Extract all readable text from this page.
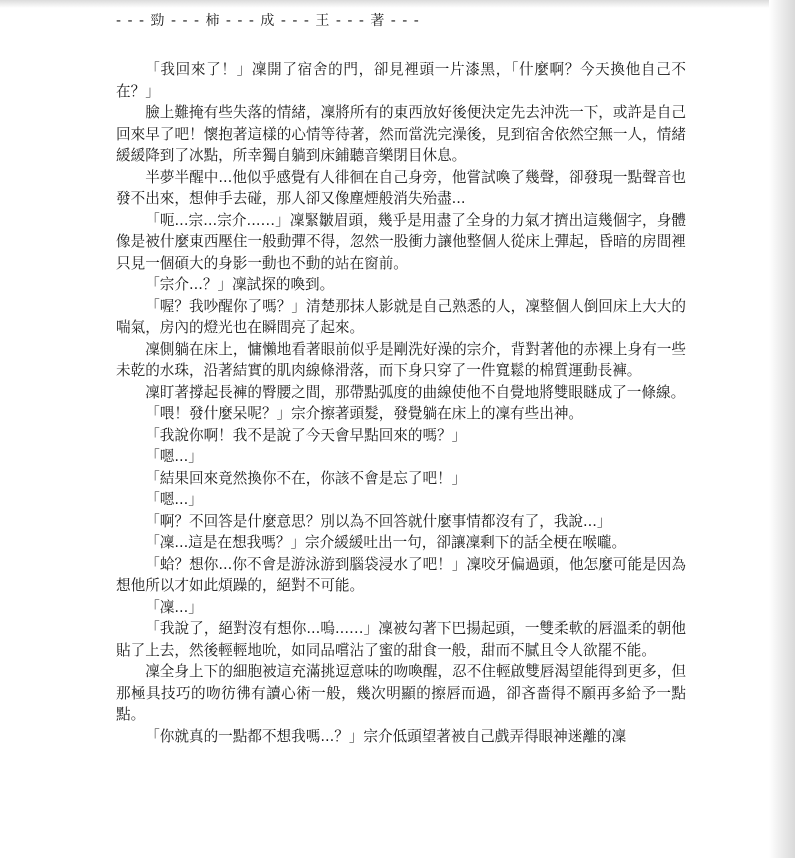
- - - 勁 - - - 柿 - - - 成 - - - 王 - - - 著 - - -

「我回來了！」凜開了宿舍的門，卻見裡頭一片漆黑，「什麼啊？今天換他自己不在？」

臉上難掩有些失落的情緒，凜將所有的東西放好後便決定先去沖洗一下，或許是自己回來早了吧！懷抱著這樣的心情等待著，然而當洗完澡後，見到宿舍依然空無一人，情緒緩緩降到了冰點，所幸獨自躺到床鋪聽音樂閉目休息。

半夢半醒中...他似乎感覺有人徘徊在自己身旁，他嘗試喚了幾聲，卻發現一點聲音也發不出來，想伸手去碰，那人卻又像塵煙般消失殆盡...

「呃...宗...宗介...…」凜緊皺眉頭，幾乎是用盡了全身的力氣才擠出這幾個字，身體像是被什麼東西壓住一般動彈不得，忽然一股衝力讓他整個人從床上彈起，昏暗的房間裡只見一個碩大的身影一動也不動的站在窗前。

「宗介...？」凜試探的喚到。

「喔？我吵醒你了嗎？」清楚那抹人影就是自己熟悉的人，凜整個人倒回床上大大的喘氣，房內的燈光也在瞬間亮了起來。

凜側躺在床上，慵懶地看著眼前似乎是剛洗好澡的宗介，背對著他的赤裸上身有一些未乾的水珠，沿著結實的肌肉線條滑落，而下身只穿了一件寬鬆的棉質運動長褲。

凜盯著撐起長褲的臀腰之間，那帶點弧度的曲線使他不自覺地將雙眼瞇成了一條線。

「喂！發什麼呆呢？」宗介擦著頭髮，發覺躺在床上的凜有些出神。

「我說你啊！我不是說了今天會早點回來的嗎？」

「嗯...」

「結果回來竟然換你不在，你該不會是忘了吧！」

「嗯...」

「啊？不回答是什麼意思？別以為不回答就什麼事情都沒有了，我說...」

「凜...這是在想我嗎？」宗介緩緩吐出一句，卻讓凜剩下的話全梗在喉嚨。

「蛤？想你...你不會是游泳游到腦袋浸水了吧！」凜咬牙偏過頭，他怎麼可能是因為想他所以才如此煩躁的，絕對不可能。

「凜...」

「我說了，絕對沒有想你...嗚...…」凜被勾著下巴揚起頭，一雙柔軟的唇溫柔的朝他貼了上去，然後輕輕地吮，如同品嚐沾了蜜的甜食一般，甜而不膩且令人欲罷不能。

凜全身上下的細胞被這充滿挑逗意味的吻喚醒，忍不住輕啟雙唇渴望能得到更多，但那極具技巧的吻彷彿有讀心術一般，幾次明顯的擦唇而過，卻吝嗇得不願再多給予一點點。

「你就真的一點都不想我嗎...？」宗介低頭望著被自己戲弄得眼神迷離的凜
